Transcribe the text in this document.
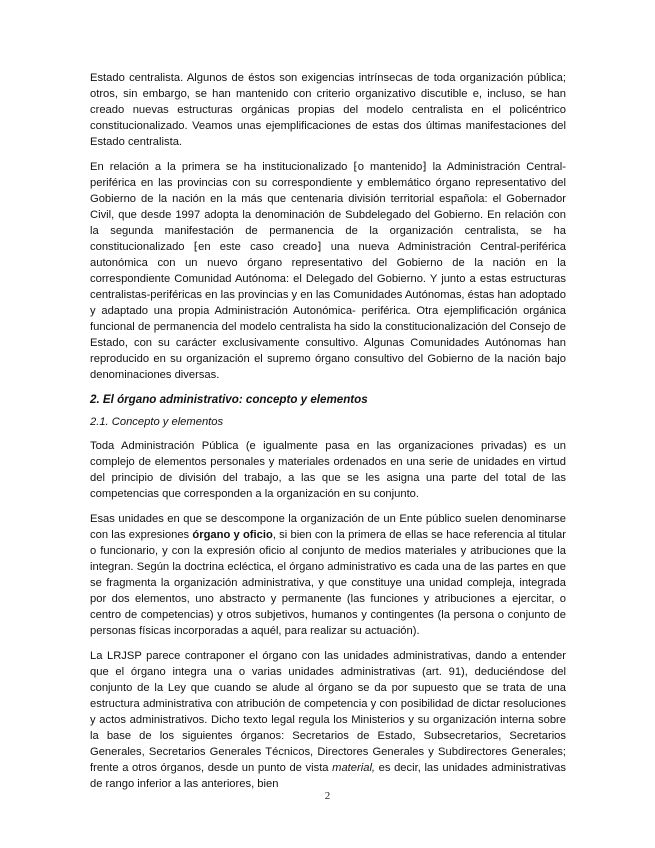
Estado centralista. Algunos de éstos son exigencias intrínsecas de toda organización pública; otros, sin embargo, se han mantenido con criterio organizativo discutible e, incluso, se han creado nuevas estructuras orgánicas propias del modelo centralista en el policéntrico constitucionalizado. Veamos unas ejemplificaciones de estas dos últimas manifestaciones del Estado centralista.

En relación a la primera se ha institucionalizado ⁅o mantenido⁆ la Administración Central-periférica en las provincias con su correspondiente y emblemático órgano representativo del Gobierno de la nación en la más que centenaria división territorial española: el Gobernador Civil, que desde 1997 adopta la denominación de Subdelegado del Gobierno. En relación con la segunda manifestación de permanencia de la organización centralista, se ha constitucionalizado ⁅en este caso creado⁆ una nueva Administración Central-periférica autonómica con un nuevo órgano representativo del Gobierno de la nación en la correspondiente Comunidad Autónoma: el Delegado del Gobierno. Y junto a estas estructuras centralistas-periféricas en las provincias y en las Comunidades Autónomas, éstas han adoptado y adaptado una propia Administración Autonómica- periférica. Otra ejemplificación orgánica funcional de permanencia del modelo centralista ha sido la constitucionalización del Consejo de Estado, con su carácter exclusivamente consultivo. Algunas Comunidades Autónomas han reproducido en su organización el supremo órgano consultivo del Gobierno de la nación bajo denominaciones diversas.

2. El órgano administrativo: concepto y elementos
2.1. Concepto y elementos

Toda Administración Pública (e igualmente pasa en las organizaciones privadas) es un complejo de elementos personales y materiales ordenados en una serie de unidades en virtud del principio de división del trabajo, a las que se les asigna una parte del total de las competencias que corresponden a la organización en su conjunto.

Esas unidades en que se descompone la organización de un Ente público suelen denominarse con las expresiones órgano y oficio, si bien con la primera de ellas se hace referencia al titular o funcionario, y con la expresión oficio al conjunto de medios materiales y atribuciones que la integran. Según la doctrina ecléctica, el órgano administrativo es cada una de las partes en que se fragmenta la organización administrativa, y que constituye una unidad compleja, integrada por dos elementos, uno abstracto y permanente (las funciones y atribuciones a ejercitar, o centro de competencias) y otros subjetivos, humanos y contingentes (la persona o conjunto de personas físicas incorporadas a aquél, para realizar su actuación).

La LRJSP parece contraponer el órgano con las unidades administrativas, dando a entender que el órgano integra una o varias unidades administrativas (art. 91), deduciéndose del conjunto de la Ley que cuando se alude al órgano se da por supuesto que se trata de una estructura administrativa con atribución de competencia y con posibilidad de dictar resoluciones y actos administrativos. Dicho texto legal regula los Ministerios y su organización interna sobre la base de los siguientes órganos: Secretarios de Estado, Subsecretarios, Secretarios Generales, Secretarios Generales Técnicos, Directores Generales y Subdirectores Generales; frente a otros órganos, desde un punto de vista material, es decir, las unidades administrativas de rango inferior a las anteriores, bien

2
